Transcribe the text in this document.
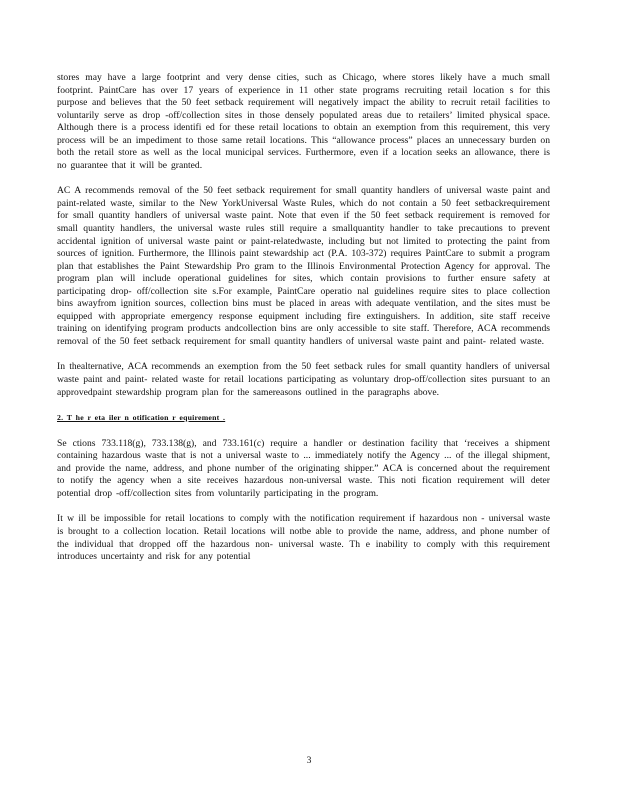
stores may have a large footprint and very dense cities, such as Chicago, where stores likely have a much small footprint. PaintCare has over 17 years of experience in 11 other state programs recruiting retail location s for this purpose and believes that the 50 feet setback requirement will negatively impact the ability to recruit retail facilities to voluntarily serve as drop -off/collection sites in those densely populated areas due to retailers’ limited physical space. Although there is a process identifi ed for these retail locations to obtain an exemption from this requirement, this very process will be an impediment to those same retail locations. This “allowance process” places an unnecessary burden on both the retail store as well as the local municipal services. Furthermore, even if a location seeks an allowance, there is no guarantee that it will be granted.

AC A recommends removal of the 50 feet setback requirement for small quantity handlers of universal waste paint and paint-related waste, similar to the New YorkUniversal Waste Rules, which do not contain a 50 feet setbackrequirement for small quantity handlers of universal waste paint. Note that even if the 50 feet setback requirement is removed for small quantity handlers, the universal waste rules still require a smallquantity handler to take precautions to prevent accidental ignition of universal waste paint or paint-relatedwaste, including but not limited to protecting the paint from sources of ignition. Furthermore, the Illinois paint stewardship act (P.A. 103-372) requires PaintCare to submit a program plan that establishes the Paint Stewardship Pro gram to the Illinois Environmental Protection Agency for approval. The program plan will include operational guidelines for sites, which contain provisions to further ensure safety at participating drop- off/collection site s.For example, PaintCare operatio nal guidelines require sites to place collection bins awayfrom ignition sources, collection bins must be placed in areas with adequate ventilation, and the sites must be equipped with appropriate emergency response equipment including fire extinguishers. In addition, site staff receive training on identifying program products andcollection bins are only accessible to site staff. Therefore, ACA recommends removal of the 50 feet setback requirement for small quantity handlers of universal waste paint and paint- related waste.

In thealternative, ACA recommends an exemption from the 50 feet setback rules for small quantity handlers of universal waste paint and paint- related waste for retail locations participating as voluntary drop-off/collection sites pursuant to an approvedpaint stewardship program plan for the samereasons outlined in the paragraphs above.

2. T he r eta iler n otification r equirement .

Se ctions 733.118(g), 733.138(g), and 733.161(c) require a handler or destination facility that ‘receives a shipment containing hazardous waste that is not a universal waste to ... immediately notify the Agency ... of the illegal shipment, and provide the name, address, and phone number of the originating shipper.” ACA is concerned about the requirement to notify the agency when a site receives hazardous non-universal waste. This noti fication requirement will deter potential drop -off/collection sites from voluntarily participating in the program.

It w ill be impossible for retail locations to comply with the notification requirement if hazardous non - universal waste is brought to a collection location. Retail locations will notbe able to provide the name, address, and phone number of the individual that dropped off the hazardous non- universal waste. Th e inability to comply with this requirement introduces uncertainty and risk for any potential

3
